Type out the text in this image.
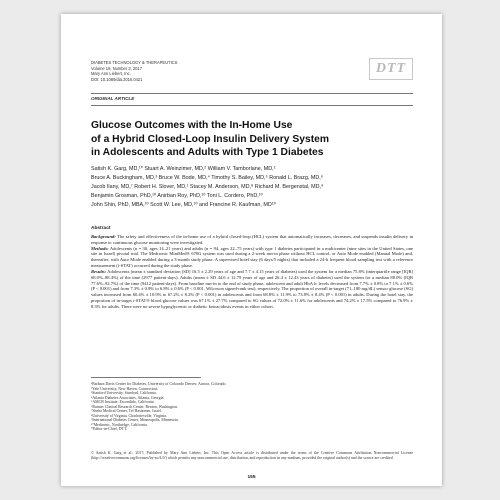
DIABETES TECHNOLOGY & THERAPEUTICS
Volume 19, Number 3, 2017
Mary Ann Liebert, Inc.
DOI: 10.1089/dia.2016.0421
DTT
ORIGINAL ARTICLE
Glucose Outcomes with the In-Home Use
of a Hybrid Closed-Loop Insulin Delivery System
in Adolescents and Adults with Type 1 Diabetes
Satish K. Garg, MD,¹* Stuart A. Weinzimer, MD,² William V. Tamborlane, MD,²
Bruce A. Buckingham, MD,³ Bruce W. Bode, MD,⁴ Timothy S. Bailey, MD,⁵ Ronald L. Brazg, MD,⁶
Jacob Ilany, MD,⁷ Robert H. Slover, MD,¹ Stacey M. Anderson, MD,⁸ Richard M. Bergenstal, MD,⁹
Benjamin Grosman, PhD,¹⁰ Anirban Roy, PhD,¹⁰ Toni L. Cordero, PhD,¹⁰
John Shin, PhD, MBA,¹⁰ Scott W. Lee, MD,¹⁰ and Francine R. Kaufman, MD¹⁰
Abstract

Background: The safety and effectiveness of the in-home use of a hybrid closed-loop (HCL) system that automatically increases, decreases, and suspends insulin delivery in response to continuous glucose monitoring were investigated.

Methods: Adolescents (n = 30, ages 14–21 years) and adults (n = 94, ages 22–75 years) with type 1 diabetes participated in a multicenter (nine sites in the United States, one site in Israel) pivotal trial. The Medtronic MiniMed® 670G system was used during a 2-week run-in phase without HCL control, or Auto Mode enabled (Manual Mode) and, thereafter, with Auto Mode enabled during a 3-month study phase. A supervised hotel stay (6 days/5 nights) that included a 24-h frequent blood sampling test with a reference measurement (i-STAT) occurred during the study phase.

Results: Adolescents (mean ± standard deviation [SD] 16.5 ± 2.29 years of age and 7.7 ± 4.15 years of diabetes) used the system for a median 75.8% (interquartile range [IQR] 68.0%–88.4%) of the time (2977 patient-days). Adults (mean ± SD 44.6 ± 12.79 years of age and 26.4 ± 12.43 years of diabetes) used the system for a median 88.0% (IQR 77.6%–92.7%) of the time (9412 patient-days). From baseline run-in to the end of study phase, adolescent and adult HbA1c levels decreased from 7.7% ± 0.8% to 7.1% ± 0.6% (P < 0.001) and from 7.3% ± 0.9% to 6.8% ± 0.6% (P < 0.001, Wilcoxon signed-rank test), respectively. The proportion of overall in-target (71–180 mg/dL) sensor glucose (SG) values increased from 60.4% ± 10.9% to 67.2% ± 8.2% (P < 0.001) in adolescents and from 68.8% ± 11.9% to 73.8% ± 8.4% (P < 0.001) in adults. During the hotel stay, the proportion of in-target i-STAT® blood glucose values was 67.1% ± 27.7% compared to SG values of 72.0% ± 11.6% for adolescents and 74.2% ± 17.5% compared to 76.9% ± 8.3% for adults. There were no severe hypoglycemic or diabetic ketoacidosis events in either cohort.

¹Barbara Davis Center for Diabetes, University of Colorado Denver, Aurora, Colorado.
²Yale University, New Haven, Connecticut.
³Stanford University, Stanford, California.
⁴Atlanta Diabetes Associates, Atlanta, Georgia.
⁵AMCR Institute, Escondido, California.
⁶Rainier Clinical Research Center, Renton, Washington.
⁷Sheba Medical Center, Tel Hashomer, Israel.
⁸University of Virginia, Charlottesville, Virginia.
⁹International Diabetes Center, Minneapolis, Minnesota.
¹⁰Medtronic, Northridge, California.
*Editor-in-Chief, DTT.
© Satish K. Garg et al., 2017; Published by Mary Ann Liebert, Inc. This Open Access article is distributed under the terms of the Creative Commons Attribution Noncommercial License (http://creativecommons.org/licenses/by-nc/4.0/) which permits any noncommercial use, distribution, and reproduction in any medium, provided the original author(s) and the source are credited.
155
